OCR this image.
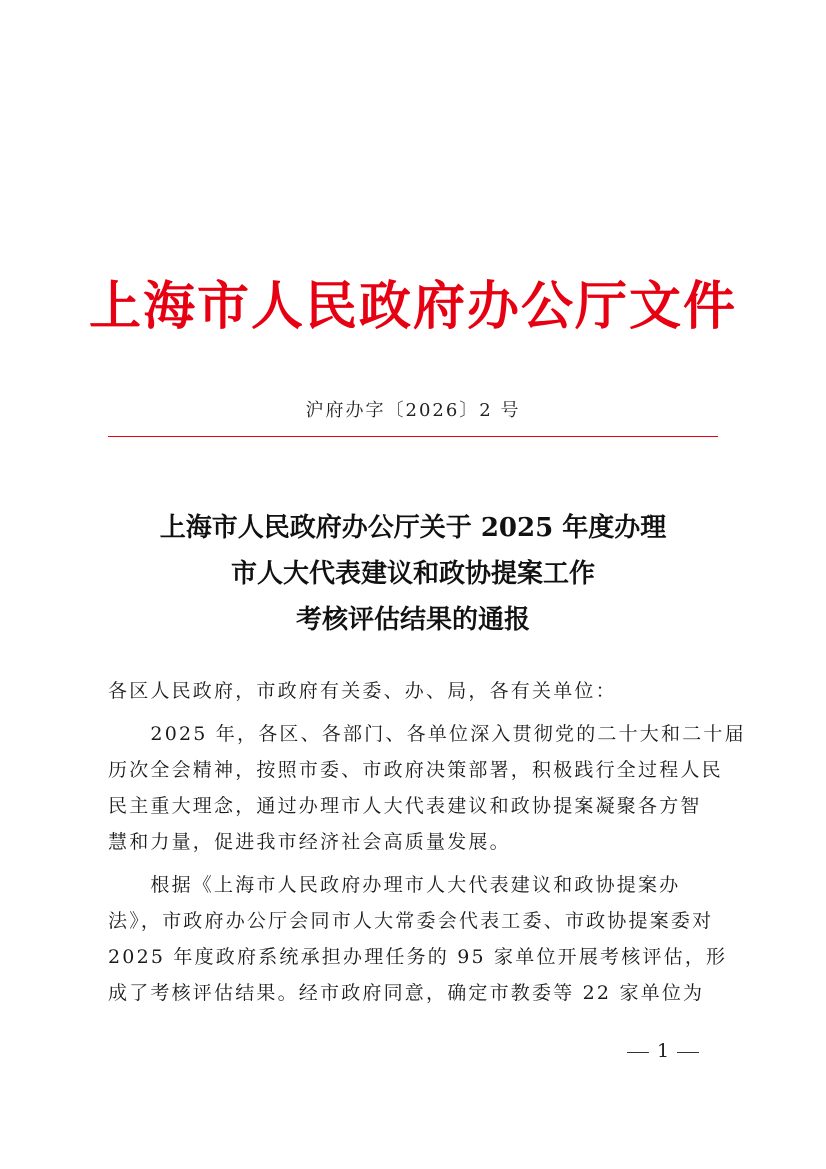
上海市人民政府办公厅文件
沪府办字〔2026〕2 号
上海市人民政府办公厅关于 2025 年度办理
市人大代表建议和政协提案工作
考核评估结果的通报
各区人民政府，市政府有关委、办、局，各有关单位：
　　2025 年，各区、各部门、各单位深入贯彻党的二十大和二十届
历次全会精神，按照市委、市政府决策部署，积极践行全过程人民
民主重大理念，通过办理市人大代表建议和政协提案凝聚各方智
慧和力量，促进我市经济社会高质量发展。
　　根据《上海市人民政府办理市人大代表建议和政协提案办
法》，市政府办公厅会同市人大常委会代表工委、市政协提案委对
2025 年度政府系统承担办理任务的 95 家单位开展考核评估，形
成了考核评估结果。经市政府同意，确定市教委等 22 家单位为
1
